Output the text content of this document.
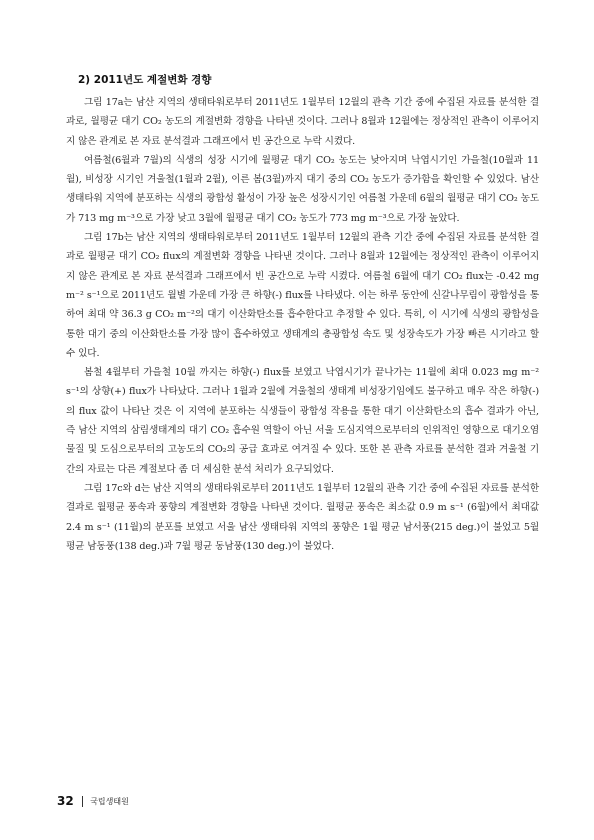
2) 2011년도 계절변화 경향

그림 17a는 남산 지역의 생태타워로부터 2011년도 1월부터 12월의 관측 기간 중에 수집된 자료를 분석한 결과로, 월평균 대기 CO₂ 농도의 계절변화 경향을 나타낸 것이다. 그러나 8월과 12월에는 정상적인 관측이 이루어지지 않은 관계로 본 자료 분석결과 그래프에서 빈 공간으로 누락 시켰다.

여름철(6월과 7월)의 식생의 성장 시기에 월평균 대기 CO₂ 농도는 낮아지며 낙엽시기인 가을철(10월과 11월), 비성장 시기인 겨울철(1월과 2월), 이른 봄(3월)까지 대기 중의 CO₂ 농도가 증가함을 확인할 수 있었다. 남산 생태타워 지역에 분포하는 식생의 광합성 활성이 가장 높은 성장시기인 여름철 가운데 6월의 월평균 대기 CO₂ 농도가 713 mg m⁻³으로 가장 낮고 3월에 월평균 대기 CO₂ 농도가 773 mg m⁻³으로 가장 높았다.

그림 17b는 남산 지역의 생태타워로부터 2011년도 1월부터 12월의 관측 기간 중에 수집된 자료를 분석한 결과로 월평균 대기 CO₂ flux의 계절변화 경향을 나타낸 것이다. 그러나 8월과 12월에는 정상적인 관측이 이루어지지 않은 관계로 본 자료 분석결과 그래프에서 빈 공간으로 누락 시켰다. 여름철 6월에 대기 CO₂ flux는 -0.42 mg m⁻² s⁻¹으로 2011년도 월별 가운데 가장 큰 하향(-) flux를 나타냈다. 이는 하루 동안에 신갈나무림이 광합성을 통하여 최대 약 36.3 g CO₂ m⁻²의 대기 이산화탄소를 흡수한다고 추정할 수 있다. 특히, 이 시기에 식생의 광합성을 통한 대기 중의 이산화탄소를 가장 많이 흡수하였고 생태계의 총광합성 속도 및 성장속도가 가장 빠른 시기라고 할 수 있다.

봄철 4월부터 가을철 10월 까지는 하향(-) flux를 보였고 낙엽시기가 끝나가는 11월에 최대 0.023 mg m⁻² s⁻¹의 상향(+) flux가 나타났다. 그러나 1월과 2월에 겨울철의 생태계 비성장기임에도 불구하고 매우 작은 하향(-)의 flux 값이 나타난 것은 이 지역에 분포하는 식생들이 광합성 작용을 통한 대기 이산화탄소의 흡수 결과가 아닌, 즉 남산 지역의 삼림생태계의 대기 CO₂ 흡수원 역할이 아닌 서울 도심지역으로부터의 인위적인 영향으로 대기오염물질 및 도심으로부터의 고농도의 CO₂의 공급 효과로 여겨질 수 있다. 또한 본 관측 자료를 분석한 결과 겨울철 기간의 자료는 다른 계절보다 좀 더 세심한 분석 처리가 요구되었다.

그림 17c와 d는 남산 지역의 생태타워로부터 2011년도 1월부터 12월의 관측 기간 중에 수집된 자료를 분석한 결과로 월평균 풍속과 풍향의 계절변화 경향을 나타낸 것이다. 월평균 풍속은 최소값 0.9 m s⁻¹ (6월)에서 최대값 2.4 m s⁻¹ (11월)의 분포를 보였고 서울 남산 생태타워 지역의 풍향은 1월 평균 남서풍(215 deg.)이 불었고 5월 평균 남동풍(138 deg.)과 7월 평균 동남풍(130 deg.)이 불었다.

32 국립생태원
